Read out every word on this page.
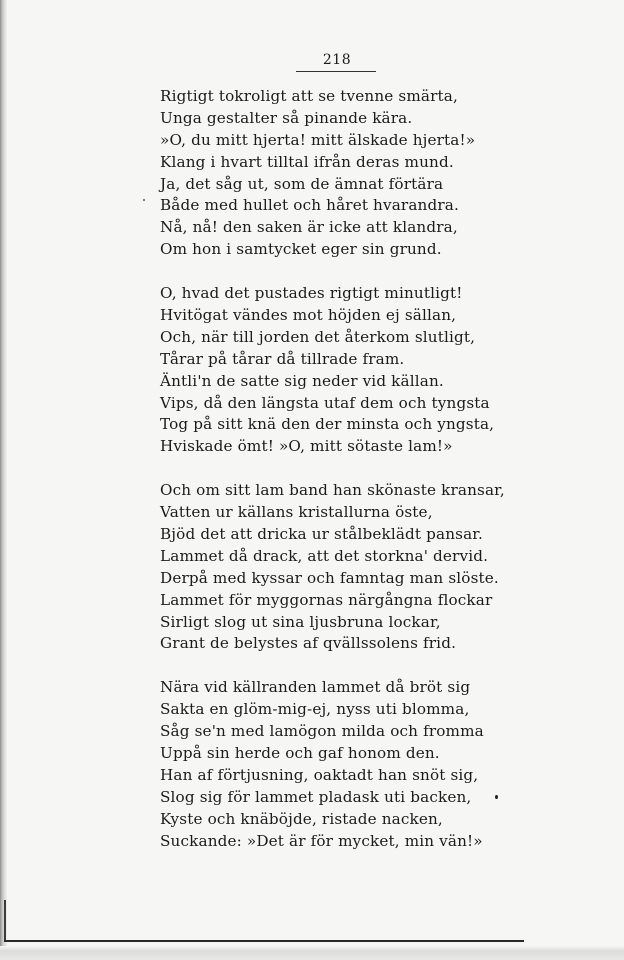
218
Rigtigt tokroligt att se tvenne smärta,
Unga gestalter så pinande kära.
»O, du mitt hjerta! mitt älskade hjerta!»
Klang i hvart tilltal ifrån deras mund.
Ja, det såg ut, som de ämnat förtära
Både med hullet och håret hvarandra.
Nå, nå! den saken är icke att klandra,
Om hon i samtycket eger sin grund.
O, hvad det pustades rigtigt minutligt!
Hvitögat vändes mot höjden ej sällan,
Och, när till jorden det återkom slutligt,
Tårar på tårar då tillrade fram.
Äntli'n de satte sig neder vid källan.
Vips, då den längsta utaf dem och tyngsta
Tog på sitt knä den der minsta och yngsta,
Hviskade ömt! »O, mitt sötaste lam!»
Och om sitt lam band han skönaste kransar,
Vatten ur källans kristallurna öste,
Bjöd det att dricka ur stålbeklädt pansar.
Lammet då drack, att det storkna' dervid.
Derpå med kyssar och famntag man slöste.
Lammet för myggornas närgångna flockar
Sirligt slog ut sina ljusbruna lockar,
Grant de belystes af qvällssolens frid.
Nära vid källranden lammet då bröt sig
Sakta en glöm-mig-ej, nyss uti blomma,
Såg se'n med lamögon milda och fromma
Uppå sin herde och gaf honom den.
Han af förtjusning, oaktadt han snöt sig,
Slog sig för lammet pladask uti backen,
Kyste och knäböjde, ristade nacken,
Suckande: »Det är för mycket, min vän!»
